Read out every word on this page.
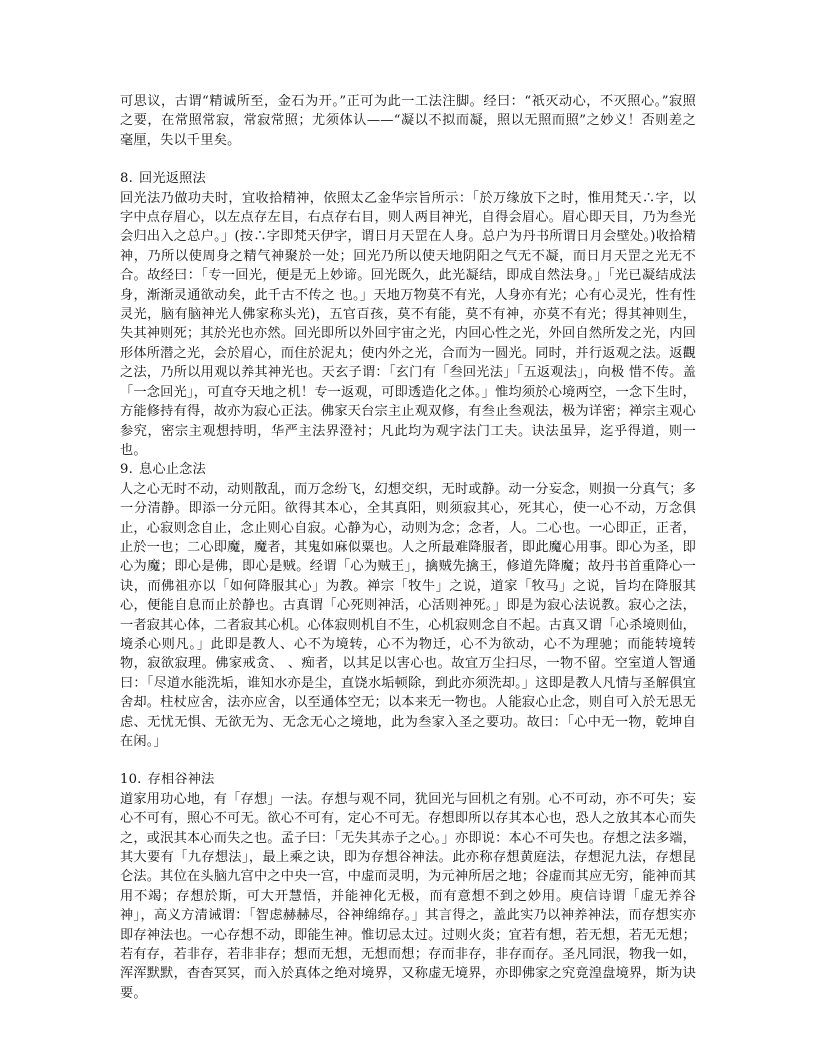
可思议，古谓“精诚所至，金石为开。”正可为此一工法注脚。经曰：“祇灭动心，不灭照心。”寂照之要，在常照常寂，常寂常照；尤须体认——“凝以不拟而凝，照以无照而照”之妙义！否则差之毫厘，失以千里矣。

8. 回光返照法

回光法乃做功夫时，宜收拾精神，依照太乙金华宗旨所示：「於万缘放下之时，惟用梵天∴字，以字中点存眉心，以左点存左目，右点存右目，则人两目神光，自得会眉心。眉心即天目，乃为叁光会归出入之总户。」(按∴字即梵天伊字，谓日月天罡在人身。总户为丹书所谓日月会壁处。)收拾精神，乃所以使周身之精气神聚於一处；回光乃所以使天地阴阳之气无不凝，而日月天罡之光无不合。故经曰：「专一回光，便是无上妙谛。回光既久，此光凝结，即成自然法身。」「光已凝结成法身，渐渐灵通欲动矣，此千古不传之 也。」天地万物莫不有光，人身亦有光；心有心灵光，性有性灵光，脑有脑神光人佛家称头光)，五官百孩，莫不有能，莫不有神，亦莫不有光；得其神则生，失其神则死；其於光也亦然。回光即所以外回宇宙之光，内回心性之光，外回自然所发之光，内回形体所潜之光，会於眉心，而住於泥丸；使内外之光，合而为一圆光。同时，并行返观之法。返觀之法，乃所以用观以养其神光也。天玄子谓：「玄门有「叁回光法」「五返观法」，向极 惜不传。盖「一念回光」，可直夺天地之机！专一返观，可即透造化之体。」惟均须於心境两空，一念下生时，方能修持有得，故亦为寂心正法。佛家天台宗主止观双修，有叁止叁观法，极为详密；禅宗主观心参究，密宗主观想持明，华严主法界澄衬；凡此均为观字法门工夫。诀法虽异，迄乎得道，则一也。

9. 息心止念法

人之心无时不动，动则散乱，而万念纷飞，幻想交织，无时或静。动一分妄念，则损一分真气；多一分清静。即添一分元阳。欲得其本心，全其真阳，则须寂其心，死其心，使一心不动，万念俱止，心寂则念自止，念止则心自寂。心静为心，动则为念；念者，人。二心也。一心即正，正者，止於一也；二心即魔，魔者，其鬼如麻似粟也。人之所最难降服者，即此魔心用事。即心为圣，即心为魔；即心是佛，即心是贼。经谓「心为贼王」，擒贼先擒王，修道先降魔；故丹书首重降心一诀，而佛祖亦以「如何降服其心」为教。禅宗「牧牛」之说，道家「牧马」之说，旨均在降服其心，便能自息而止於静也。古真谓「心死则神活，心活则神死。」即是为寂心法说教。寂心之法，一者寂其心体，二者寂其心机。心体寂则机自不生，心机寂则念自不起。古真又谓「心杀境则仙，境杀心则凡。」此即是教人、心不为境转，心不为物迁，心不为欲动，心不为理驰；而能转境转物，寂欲寂理。佛家戒贪、 、痴者，以其足以害心也。故宜万尘扫尽，一物不留。空室道人智通曰：「尽道水能洗垢，谁知水亦是尘，直饶水垢顿除，到此亦须洗却。」这即是教人凡情与圣解俱宜舍却。柱杖应舍，法亦应舍，以至通体空无；以本来无一物也。人能寂心止念，则自可入於无思无虑、无忧无惧、无欲无为、无念无心之境地，此为叁家入圣之要功。故曰：「心中无一物，乾坤自在闲。」

10. 存相谷神法

道家用功心地，有「存想」一法。存想与观不同，犹回光与回机之有别。心不可动，亦不可失；妄心不可有，照心不可无。欲心不可有，定心不可无。存想即所以存其本心也，恐人之放其本心而失之，或泯其本心而失之也。孟子曰：「无失其赤子之心。」亦即说：本心不可失也。存想之法多端，其大要有「九存想法」，最上乘之诀，即为存想谷神法。此亦称存想黄庭法，存想泥九法，存想昆仑法。其位在头脑九宫中之中央一宫，中虚而灵明，为元神所居之地；谷虚而其应无穷，能神而其用不竭；存想於斯，可大开慧悟，并能神化无极，而有意想不到之妙用。庾信诗谓「虚无养谷神」，高义方清诫谓：「智虑赫赫尽，谷神绵绵存。」其言得之，盖此实乃以神养神法，而存想实亦即存神法也。一心存想不动，即能生神。惟切忌太过。过则火炎；宜若有想，若无想，若无无想；若有存，若非存，若非非存；想而无想，无想而想；存而非存，非存而存。圣凡同泯，物我一如，浑浑默默，杳杳冥冥，而入於真体之绝对境界，又称虚无境界，亦即佛家之究竟湟盘境界，斯为诀要。
